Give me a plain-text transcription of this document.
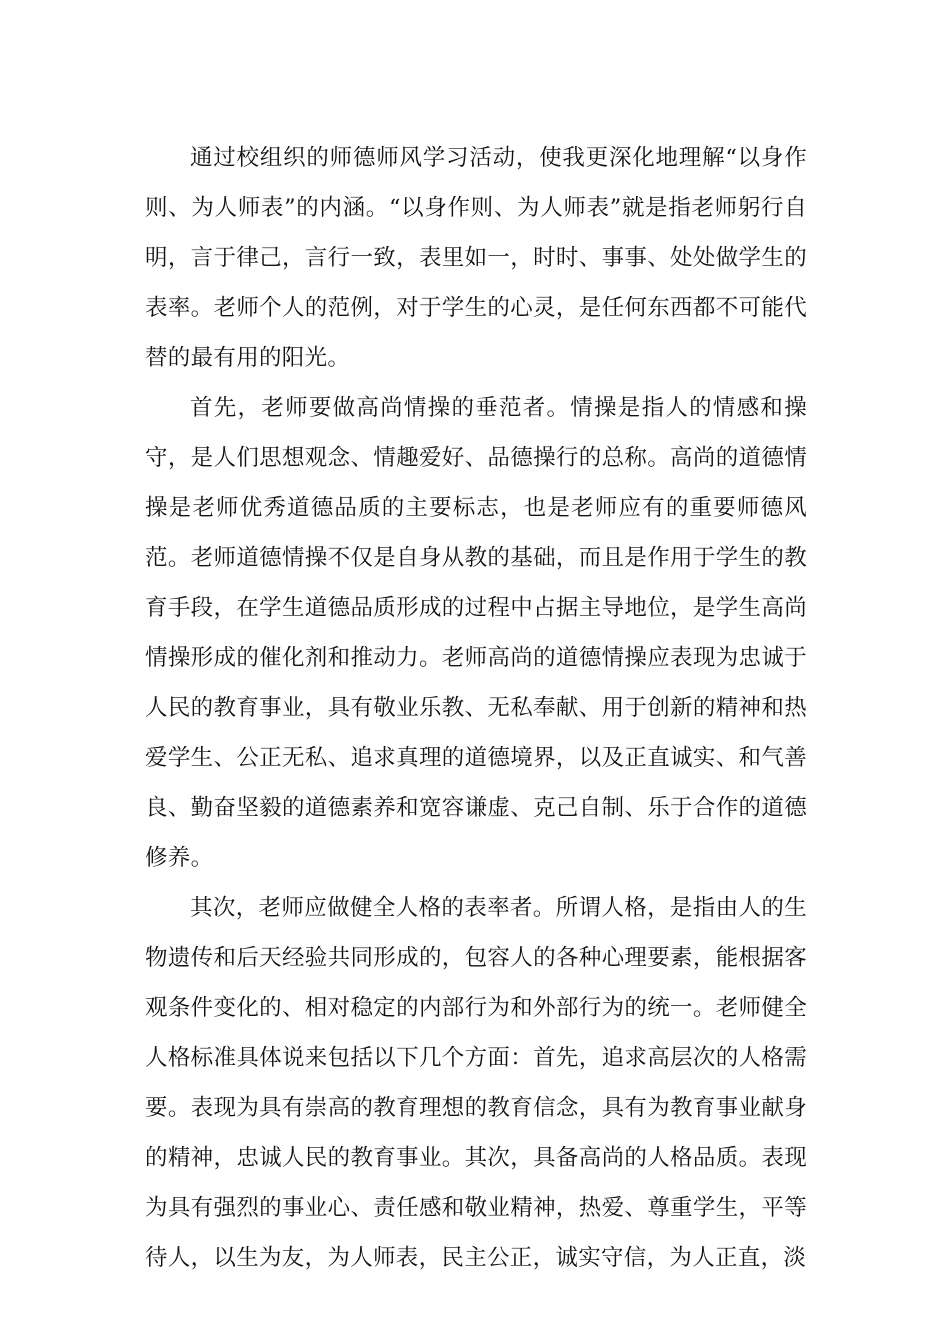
通过校组织的师德师风学习活动，使我更深化地理解“以身作则、为人师表”的内涵。“以身作则、为人师表”就是指老师躬行自明，言于律己，言行一致，表里如一，时时、事事、处处做学生的表率。老师个人的范例，对于学生的心灵，是任何东西都不可能代替的最有用的阳光。

首先，老师要做高尚情操的垂范者。情操是指人的情感和操守，是人们思想观念、情趣爱好、品德操行的总称。高尚的道德情操是老师优秀道德品质的主要标志，也是老师应有的重要师德风范。老师道德情操不仅是自身从教的基础，而且是作用于学生的教育手段，在学生道德品质形成的过程中占据主导地位，是学生高尚情操形成的催化剂和推动力。老师高尚的道德情操应表现为忠诚于人民的教育事业，具有敬业乐教、无私奉献、用于创新的精神和热爱学生、公正无私、追求真理的道德境界，以及正直诚实、和气善良、勤奋坚毅的道德素养和宽容谦虚、克己自制、乐于合作的道德修养。

其次，老师应做健全人格的表率者。所谓人格，是指由人的生物遗传和后天经验共同形成的，包容人的各种心理要素，能根据客观条件变化的、相对稳定的内部行为和外部行为的统一。老师健全人格标准具体说来包括以下几个方面：首先，追求高层次的人格需要。表现为具有崇高的教育理想的教育信念，具有为教育事业献身的精神，忠诚人民的教育事业。其次，具备高尚的人格品质。表现为具有强烈的事业心、责任感和敬业精神，热爱、尊重学生，平等待人，以生为友，为人师表，民主公正，诚实守信，为人正直，淡
